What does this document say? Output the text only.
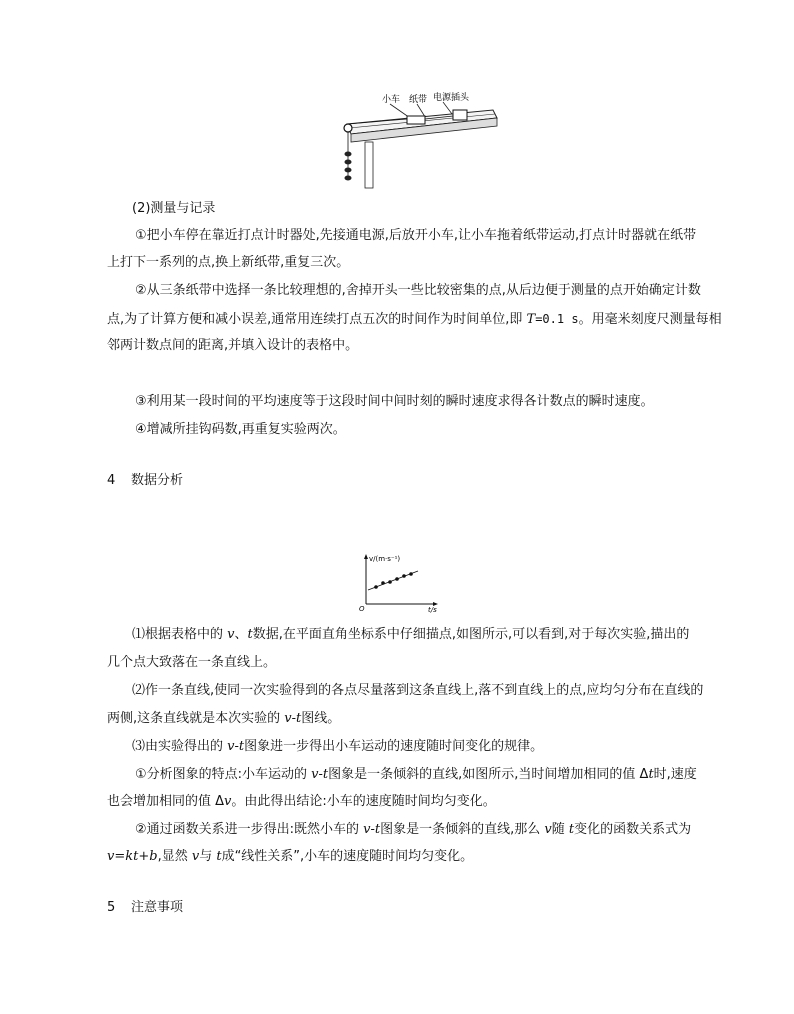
小车 纸带 电源插头
(2)测量与记录
①把小车停在靠近打点计时器处,先接通电源,后放开小车,让小车拖着纸带运动,打点计时器就在纸带
上打下一系列的点,换上新纸带,重复三次。
②从三条纸带中选择一条比较理想的,舍掉开头一些比较密集的点,从后边便于测量的点开始确定计数
点,为了计算方便和减小误差,通常用连续打点五次的时间作为时间单位,即 T=0.1 s。用毫米刻度尺测量每相
邻两计数点间的距离,并填入设计的表格中。
③利用某一段时间的平均速度等于这段时间中间时刻的瞬时速度求得各计数点的瞬时速度。
④增减所挂钩码数,再重复实验两次。
4 数据分析
v/(m·s⁻¹)
O	t/s
⑴根据表格中的 v、t数据,在平面直角坐标系中仔细描点,如图所示,可以看到,对于每次实验,描出的
几个点大致落在一条直线上。
⑵作一条直线,使同一次实验得到的各点尽量落到这条直线上,落不到直线上的点,应均匀分布在直线的
两侧,这条直线就是本次实验的 v-t图线。
⑶由实验得出的 v-t图象进一步得出小车运动的速度随时间变化的规律。
①分析图象的特点:小车运动的 v-t图象是一条倾斜的直线,如图所示,当时间增加相同的值 Δt时,速度
也会增加相同的值 Δv。由此得出结论:小车的速度随时间均匀变化。
②通过函数关系进一步得出:既然小车的 v-t图象是一条倾斜的直线,那么 v随 t变化的函数关系式为
v=kt+b,显然 v与 t成“线性关系”,小车的速度随时间均匀变化。
5 注意事项
